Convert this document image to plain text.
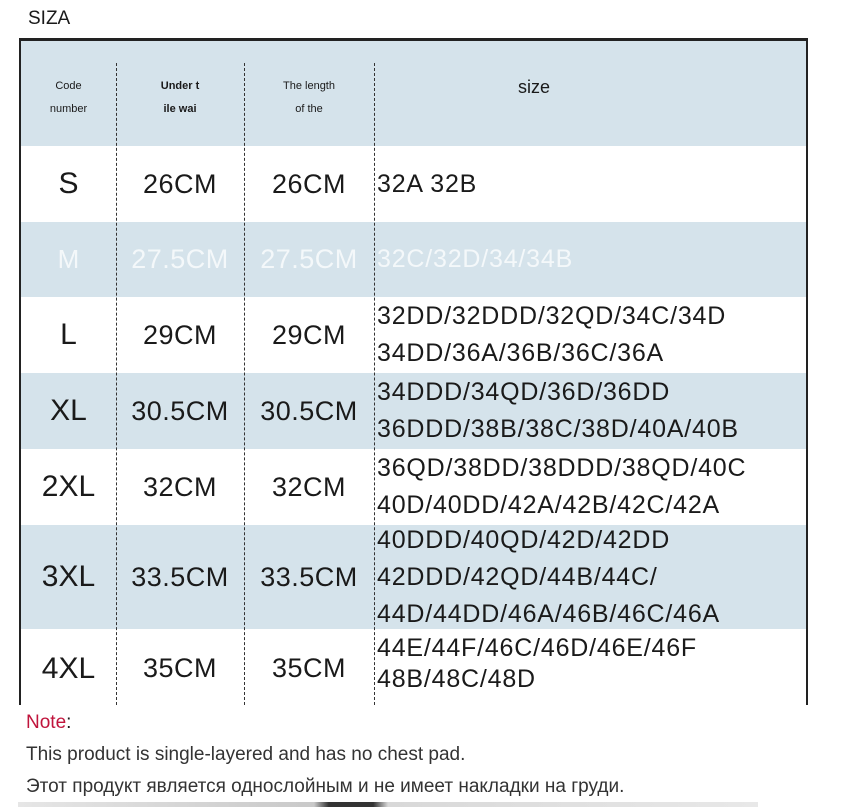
SIZA
Code
number
Under t
ile wai
The length
of the
size
S 26CM 26CM 32A 32B
M 27.5CM 27.5CM 32C/32D/34/34B
L 29CM 29CM
32DD/32DDD/32QD/34C/34D
34DD/36A/36B/36C/36A
XL 30.5CM 30.5CM
34DDD/34QD/36D/36DD
36DDD/38B/38C/38D/40A/40B
2XL 32CM 32CM
36QD/38DD/38DDD/38QD/40C
40D/40DD/42A/42B/42C/42A
3XL 33.5CM 33.5CM
40DDD/40QD/42D/42DD
42DDD/42QD/44B/44C/
44D/44DD/46A/46B/46C/46A
4XL 35CM 35CM
44E/44F/46C/46D/46E/46F
48B/48C/48D
Note:
This product is single-layered and has no chest pad.
Этот продукт является однослойным и не имеет накладки на груди.
